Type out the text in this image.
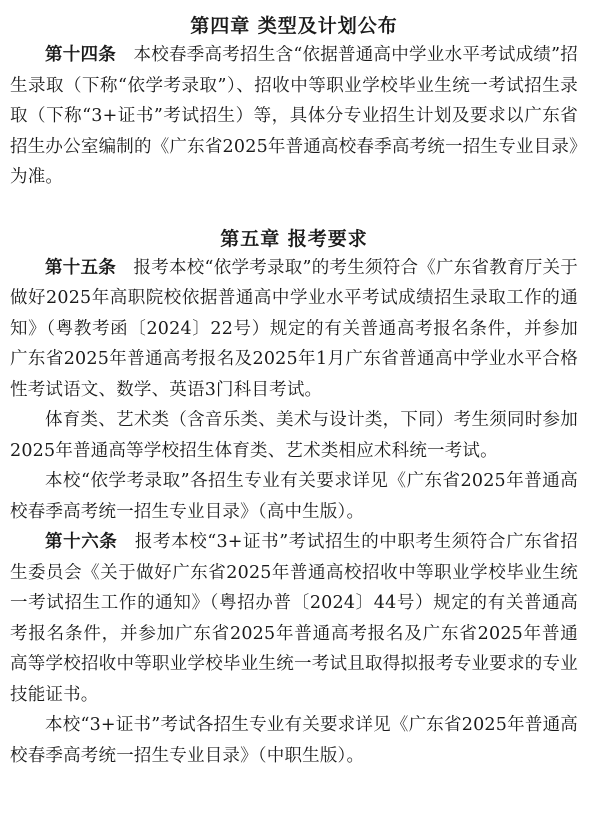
第四章 类型及计划公布

第十四条 本校春季高考招生含“依据普通高中学业水平考试成绩”招生录取（下称“依学考录取”）、招收中等职业学校毕业生统一考试招生录取（下称“3+证书”考试招生）等，具体分专业招生计划及要求以广东省招生办公室编制的《广东省2025年普通高校春季高考统一招生专业目录》为准。

第五章 报考要求

第十五条 报考本校“依学考录取”的考生须符合《广东省教育厅关于做好2025年高职院校依据普通高中学业水平考试成绩招生录取工作的通知》（粤教考函〔2024〕22号）规定的有关普通高考报名条件，并参加广东省2025年普通高考报名及2025年1月广东省普通高中学业水平合格性考试语文、数学、英语3门科目考试。

体育类、艺术类（含音乐类、美术与设计类，下同）考生须同时参加2025年普通高等学校招生体育类、艺术类相应术科统一考试。

本校“依学考录取”各招生专业有关要求详见《广东省2025年普通高校春季高考统一招生专业目录》（高中生版）。

第十六条 报考本校“3+证书”考试招生的中职考生须符合广东省招生委员会《关于做好广东省2025年普通高校招收中等职业学校毕业生统一考试招生工作的通知》（粤招办普〔2024〕44号）规定的有关普通高考报名条件，并参加广东省2025年普通高考报名及广东省2025年普通高等学校招收中等职业学校毕业生统一考试且取得拟报考专业要求的专业技能证书。

本校“3+证书”考试各招生专业有关要求详见《广东省2025年普通高校春季高考统一招生专业目录》（中职生版）。
